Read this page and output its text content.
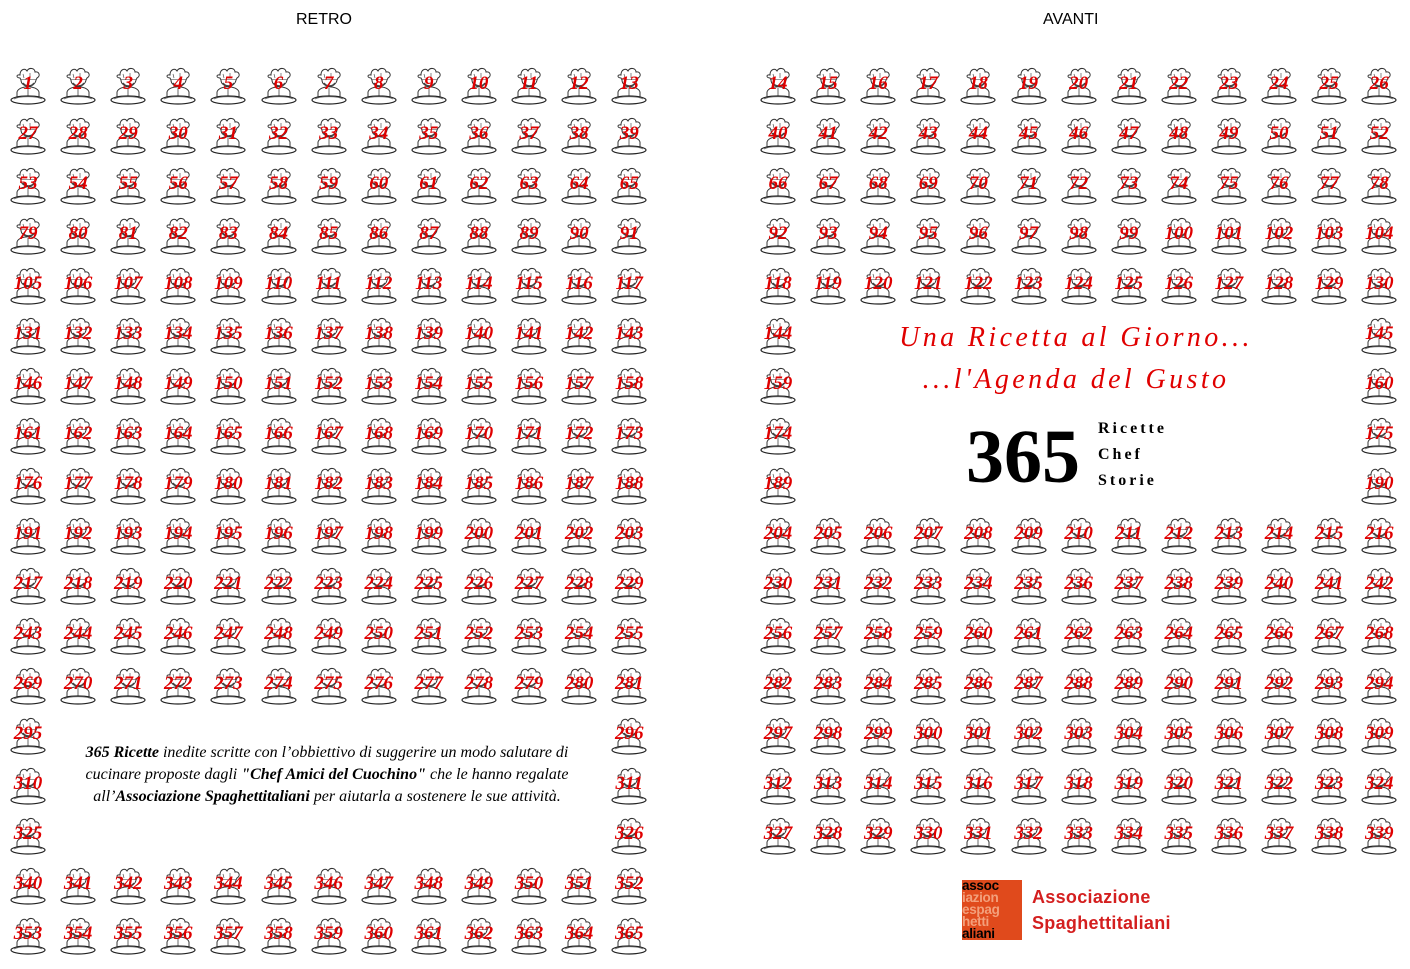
RETRO	AVANTI
1	2	3	4	5	6	7	8	9	10	11	12	13	14	15	16	17	18	19	20	21	22	23	24	25	26
27	28	29	30	31	32	33	34	35	36	37	38	39	40	41	42	43	44	45	46	47	48	49	50	51	52
53	54	55	56	57	58	59	60	61	62	63	64	65	66	67	68	69	70	71	72	73	74	75	76	77	78
79	80	81	82	83	84	85	86	87	88	89	90	91	92	93	94	95	96	97	98	99	100	101	102	103	104
105	106	107	108	109	110	111	112	113	114	115	116	117	118	119	120	121	122	123	124	125	126	127	128	129	130
131	132	133	134	135	136	137	138	139	140	141	142	143	144	145
146	147	148	149	150	151	152	153	154	155	156	157	158	159	160
161	162	163	164	165	166	167	168	169	170	171	172	173	174	175
176	177	178	179	180	181	182	183	184	185	186	187	188	189	190
191	192	193	194	195	196	197	198	199	200	201	202	203	204	205	206	207	208	209	210	211	212	213	214	215	216
217	218	219	220	221	222	223	224	225	226	227	228	229	230	231	232	233	234	235	236	237	238	239	240	241	242
243	244	245	246	247	248	249	250	251	252	253	254	255	256	257	258	259	260	261	262	263	264	265	266	267	268
269	270	271	272	273	274	275	276	277	278	279	280	281	282	283	284	285	286	287	288	289	290	291	292	293	294
295	296	297	298	299	300	301	302	303	304	305	306	307	308	309
310	311	312	313	314	315	316	317	318	319	320	321	322	323	324
325	326	327	328	329	330	331	332	333	334	335	336	337	338	339
340	341	342	343	344	345	346	347	348	349	350	351	352
353	354	355	356	357	358	359	360	361	362	363	364	365
Una Ricetta al Giorno...
...l'Agenda del Gusto
365 Ricette
Chef
Storie
365 Ricette inedite scritte con l’obbiettivo di suggerire un modo salutare di cucinare proposte dagli "Chef Amici del Cuochino" che le hanno regalate all’Associazione Spaghettitaliani per aiutarla a sostenere le sue attività.
assoc
iazion
espag
hetti
aliani
Associazione
Spaghettitaliani
